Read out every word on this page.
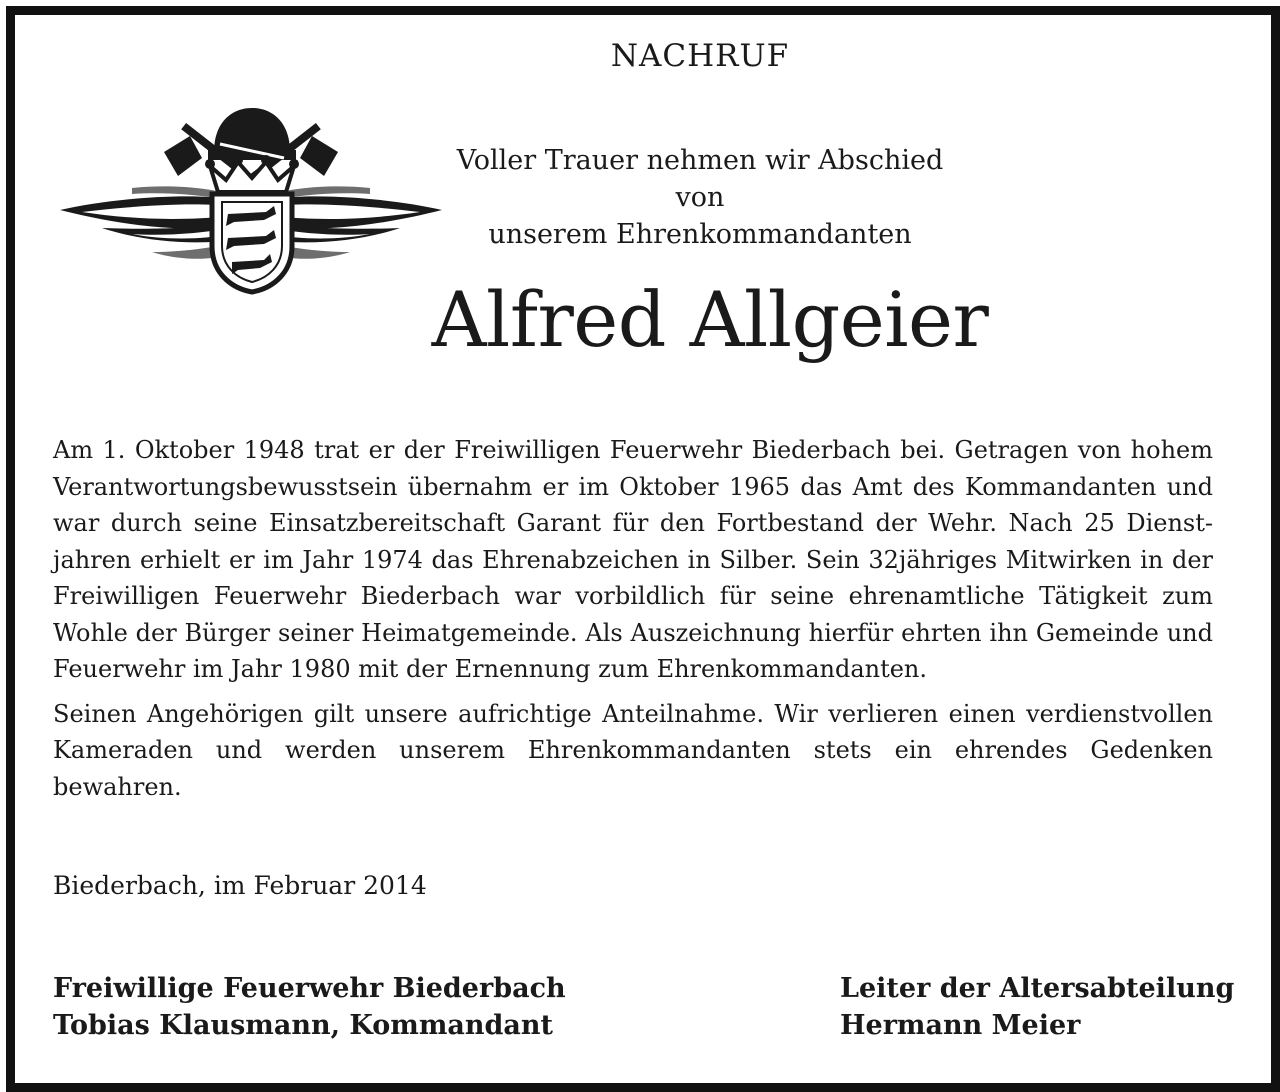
NACHRUF
Voller Trauer nehmen wir Abschied von
unserem Ehrenkommandanten
Alfred Allgeier

Am 1. Oktober 1948 trat er der Freiwilligen Feuerwehr Biederbach bei. Getragen von hohem Verantwortungsbewusstsein übernahm er im Oktober 1965 das Amt des Kommandanten und war durch seine Einsatzbereitschaft Garant für den Fortbestand der Wehr. Nach 25 Dienstjahren erhielt er im Jahr 1974 das Ehrenabzeichen in Silber. Sein 32jähriges Mitwirken in der Freiwilligen Feuerwehr Biederbach war vorbildlich für seine ehrenamtliche Tätigkeit zum Wohle der Bürger seiner Heimatgemeinde. Als Auszeichnung hierfür ehrten ihn Gemeinde und Feuerwehr im Jahr 1980 mit der Ernennung zum Ehrenkommandanten.

Seinen Angehörigen gilt unsere aufrichtige Anteilnahme. Wir verlieren einen verdienstvollen Kameraden und werden unserem Ehrenkommandanten stets ein ehrendes Gedenken bewahren.

Biederbach, im Februar 2014
Freiwillige Feuerwehr Biederbach
Tobias Klausmann, Kommandant
Leiter der Altersabteilung
Hermann Meier
